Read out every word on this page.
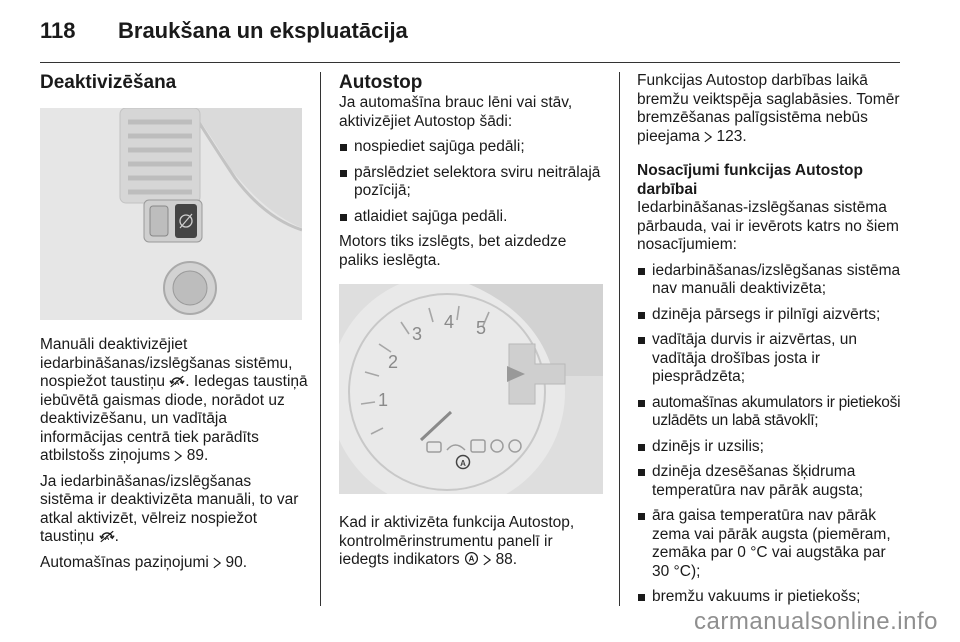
118 Braukšana un ekspluatācija
Deaktivizēšana

Manuāli deaktivizējiet iedarbināšanas/izslēgšanas sistēmu, nospiežot taustiņu . Iedegas taustiņā iebūvētā gaismas diode, norādot uz deaktivizēšanu, un vadītāja informācijas centrā tiek parādīts atbilstošs ziņojums 89.

Ja iedarbināšanas/izslēgšanas sistēma ir deaktivizēta manuāli, to var atkal aktivizēt, vēlreiz nospiežot taustiņu .

Automašīnas paziņojumi 90.

Autostop

Ja automašīna brauc lēni vai stāv, aktivizējiet Autostop šādi:

nospiediet sajūga pedāli;
pārslēdziet selektora sviru neitrālajā pozīcijā;
atlaidiet sajūga pedāli.

Motors tiks izslēgts, bet aizdedze paliks ieslēgta.

1
2
3
4 5
A

Kad ir aktivizēta funkcija Autostop, kontrolmērinstrumentu panelī ir iedegts indikators 88.

Funkcijas Autostop darbības laikā bremžu veiktspēja saglabāsies. Tomēr bremzēšanas palīgsistēma nebūs pieejama 123.

Nosacījumi funkcijas Autostop darbībai

Iedarbināšanas-izslēgšanas sistēma pārbauda, vai ir ievērots katrs no šiem nosacījumiem:

iedarbināšanas/izslēgšanas sistēma nav manuāli deaktivizēta;
dzinēja pārsegs ir pilnīgi aizvērts;
vadītāja durvis ir aizvērtas, un vadītāja drošības josta ir piesprādzēta;
automašīnas akumulators ir pietiekoši uzlādēts un labā stāvoklī;
dzinējs ir uzsilis;
dzinēja dzesēšanas šķidruma temperatūra nav pārāk augsta;
āra gaisa temperatūra nav pārāk zema vai pārāk augsta (piemēram, zemāka par 0 °C vai augstāka par 30 °C);
bremžu vakuums ir pietiekošs;
carmanualsonline.info
